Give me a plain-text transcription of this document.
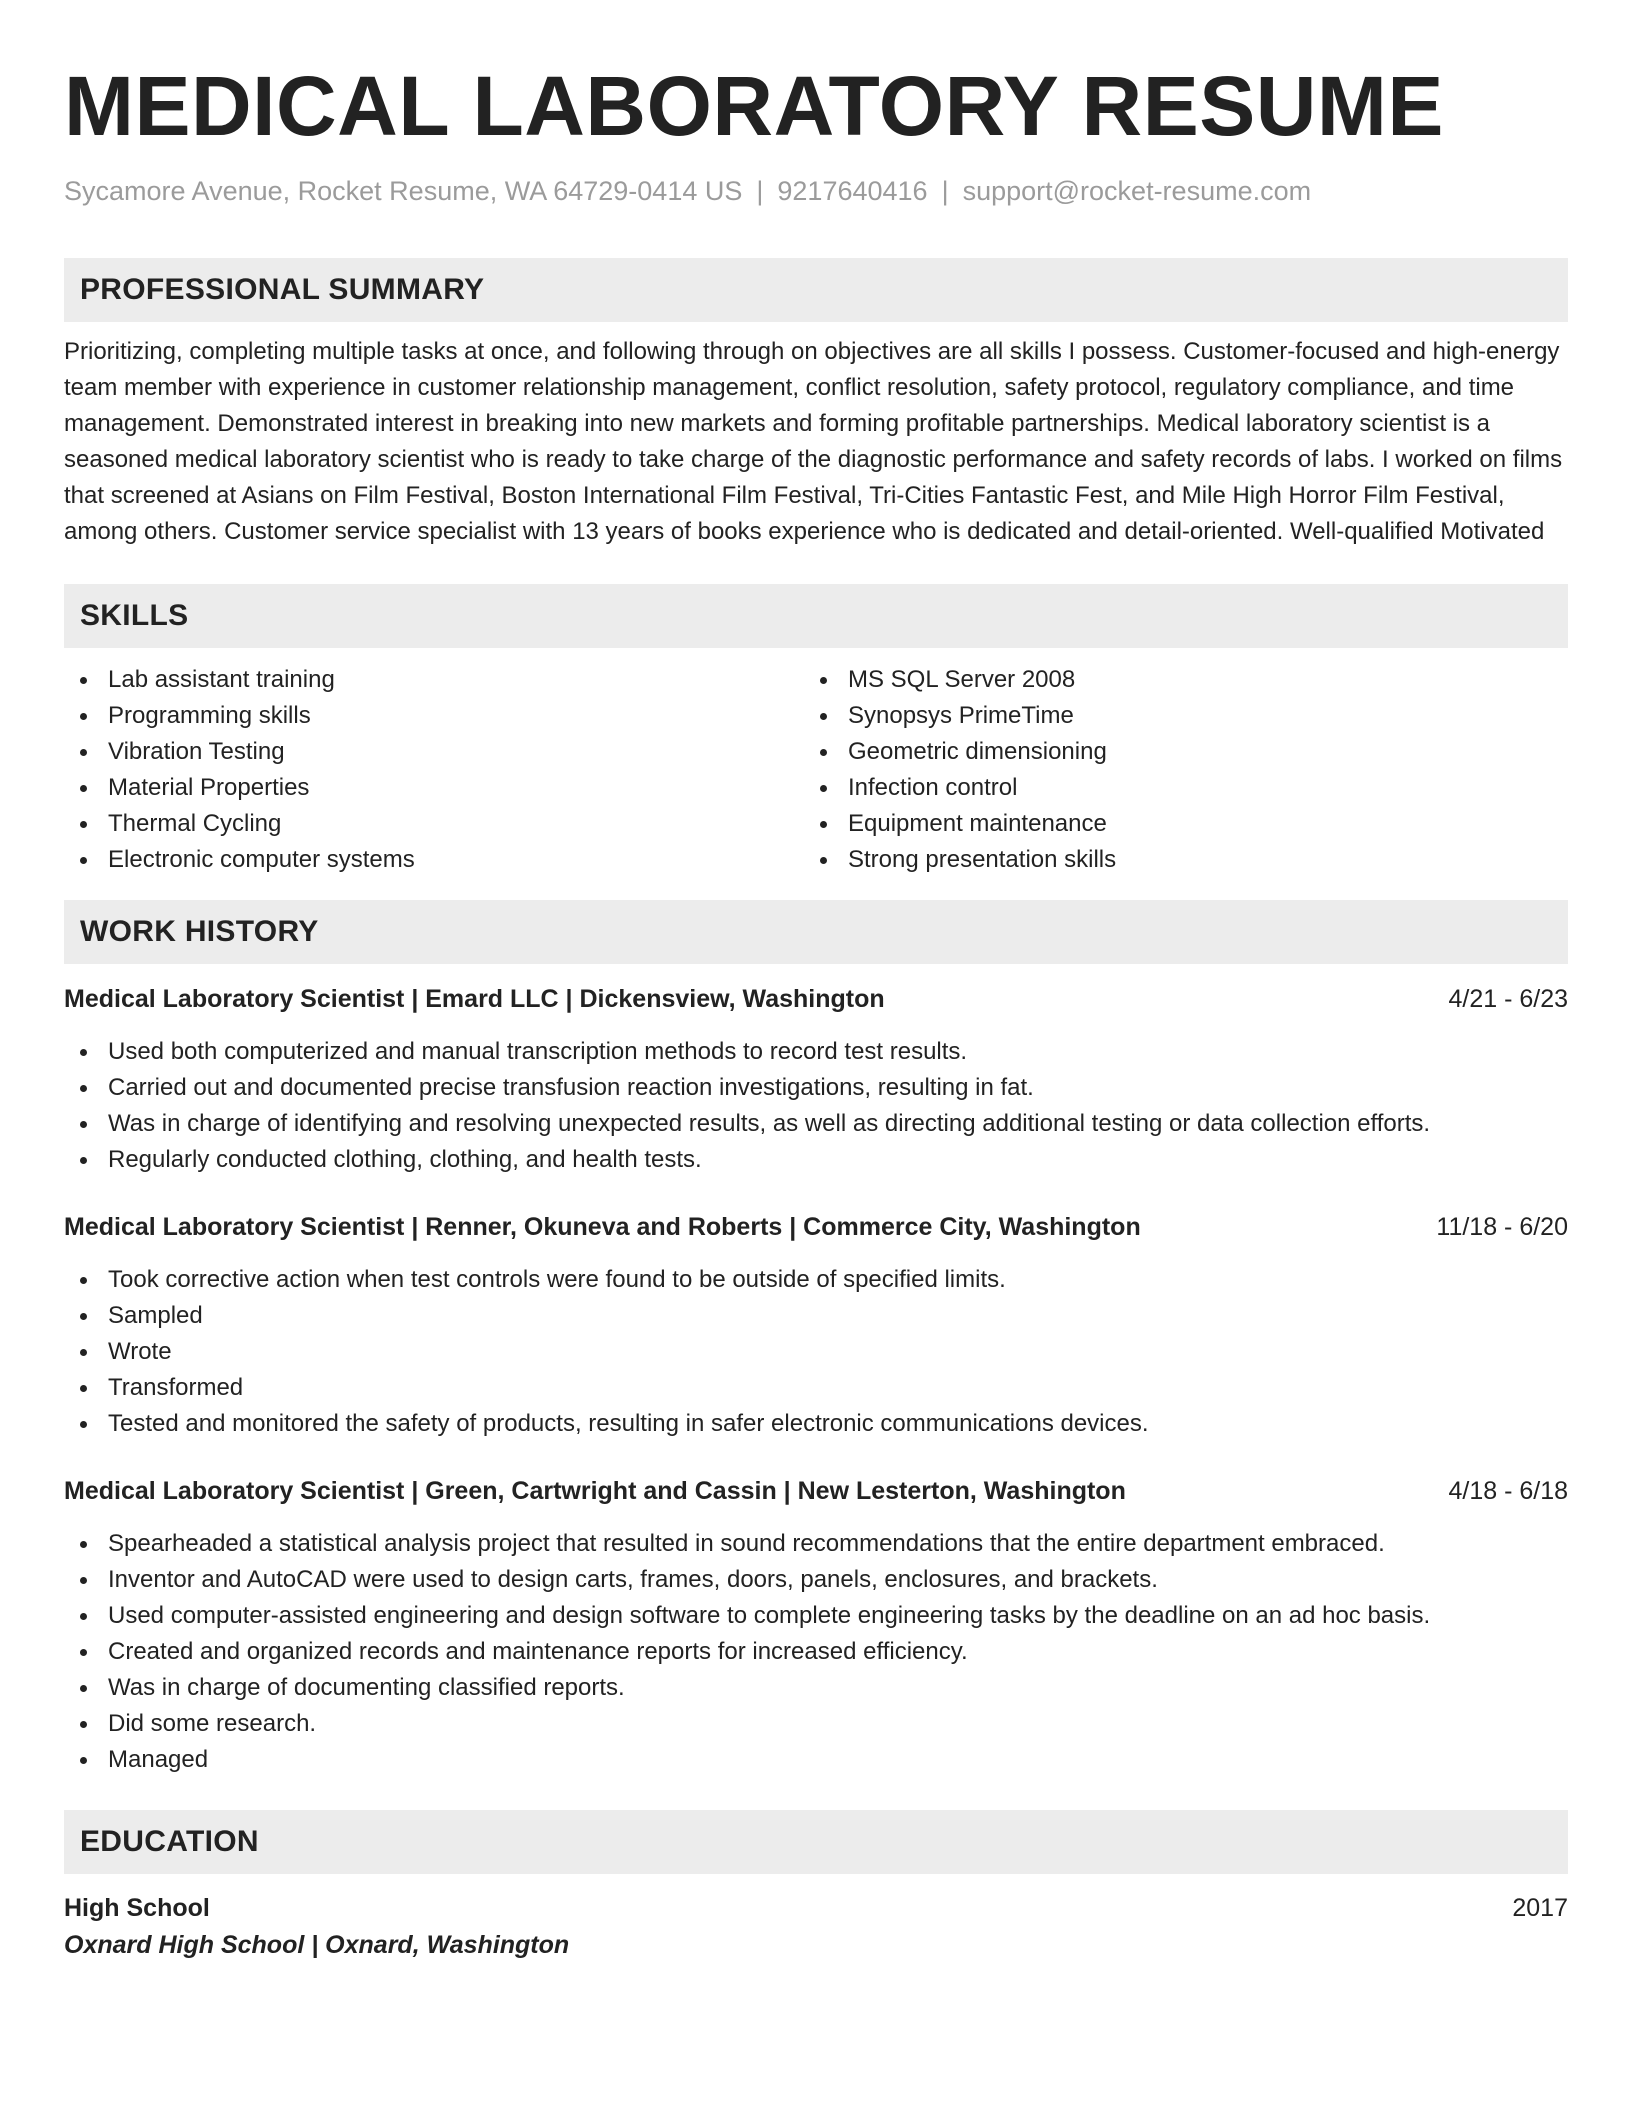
MEDICAL LABORATORY RESUME
Sycamore Avenue, Rocket Resume, WA 64729-0414 US | 9217640416 | support@rocket-resume.com
PROFESSIONAL SUMMARY
Prioritizing, completing multiple tasks at once, and following through on objectives are all skills I possess. Customer-focused and high-energy team member with experience in customer relationship management, conflict resolution, safety protocol, regulatory compliance, and time management. Demonstrated interest in breaking into new markets and forming profitable partnerships. Medical laboratory scientist is a seasoned medical laboratory scientist who is ready to take charge of the diagnostic performance and safety records of labs. I worked on films that screened at Asians on Film Festival, Boston International Film Festival, Tri-Cities Fantastic Fest, and Mile High Horror Film Festival, among others. Customer service specialist with 13 years of books experience who is dedicated and detail-oriented. Well-qualified Motivated
SKILLS
Lab assistant training
Programming skills
Vibration Testing
Material Properties
Thermal Cycling
Electronic computer systems
MS SQL Server 2008
Synopsys PrimeTime
Geometric dimensioning
Infection control
Equipment maintenance
Strong presentation skills
WORK HISTORY
Medical Laboratory Scientist | Emard LLC | Dickensview, Washington	4/21 - 6/23
Used both computerized and manual transcription methods to record test results.
Carried out and documented precise transfusion reaction investigations, resulting in fat.
Was in charge of identifying and resolving unexpected results, as well as directing additional testing or data collection efforts.
Regularly conducted clothing, clothing, and health tests.
Medical Laboratory Scientist | Renner, Okuneva and Roberts | Commerce City, Washington	11/18 - 6/20
Took corrective action when test controls were found to be outside of specified limits.
Sampled
Wrote
Transformed
Tested and monitored the safety of products, resulting in safer electronic communications devices.
Medical Laboratory Scientist | Green, Cartwright and Cassin | New Lesterton, Washington	4/18 - 6/18
Spearheaded a statistical analysis project that resulted in sound recommendations that the entire department embraced.
Inventor and AutoCAD were used to design carts, frames, doors, panels, enclosures, and brackets.
Used computer-assisted engineering and design software to complete engineering tasks by the deadline on an ad hoc basis.
Created and organized records and maintenance reports for increased efficiency.
Was in charge of documenting classified reports.
Did some research.
Managed
EDUCATION
High School	2017
Oxnard High School | Oxnard, Washington
